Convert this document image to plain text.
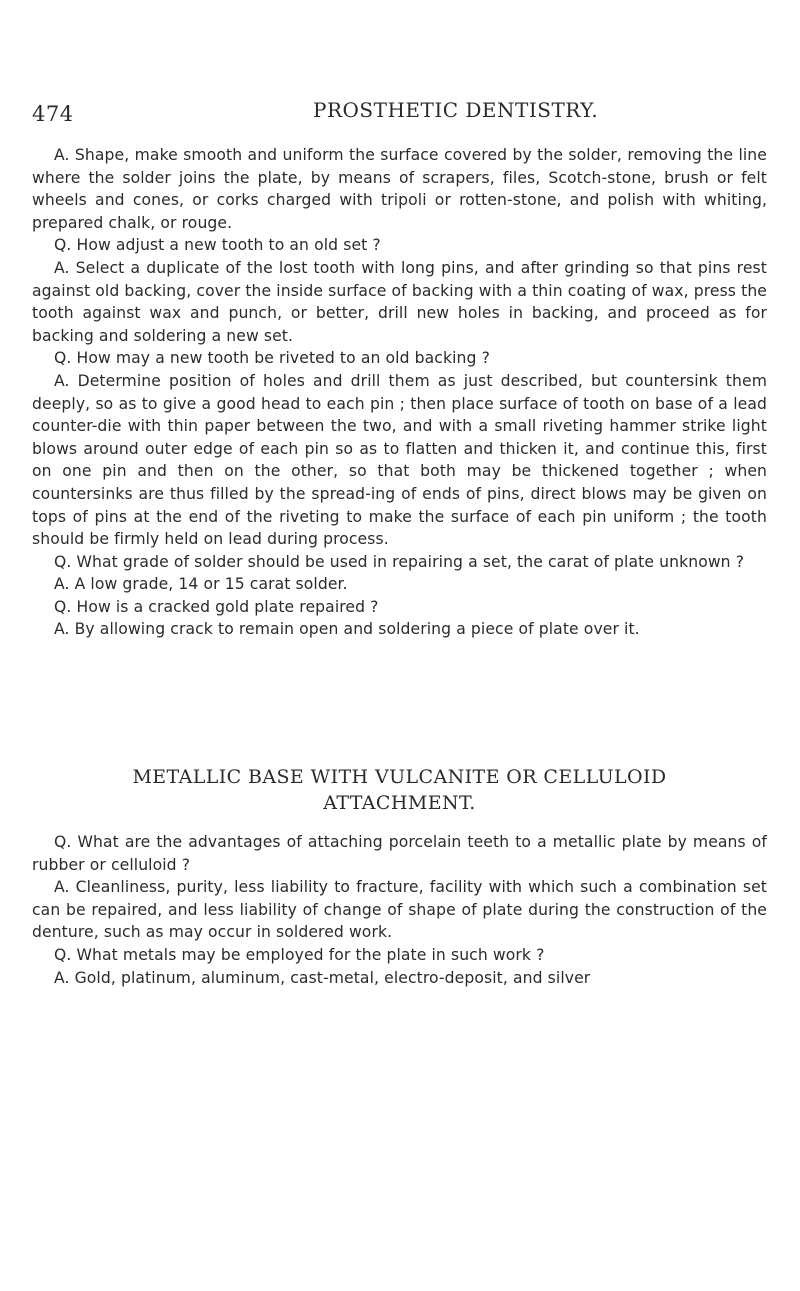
474	PROSTHETIC DENTISTRY.

A. Shape, make smooth and uniform the surface covered by the solder, removing the line where the solder joins the plate, by means of scrapers, files, Scotch-stone, brush or felt wheels and cones, or corks charged with tripoli or rotten-stone, and polish with whiting, prepared chalk, or rouge.

Q. How adjust a new tooth to an old set ?

A. Select a duplicate of the lost tooth with long pins, and after grinding so that pins rest against old backing, cover the inside surface of backing with a thin coating of wax, press the tooth against wax and punch, or better, drill new holes in backing, and proceed as for backing and soldering a new set.

Q. How may a new tooth be riveted to an old backing ?

A. Determine position of holes and drill them as just described, but countersink them deeply, so as to give a good head to each pin ; then place surface of tooth on base of a lead counter-die with thin paper between the two, and with a small riveting hammer strike light blows around outer edge of each pin so as to flatten and thicken it, and continue this, first on one pin and then on the other, so that both may be thickened together ; when countersinks are thus filled by the spread-ing of ends of pins, direct blows may be given on tops of pins at the end of the riveting to make the surface of each pin uniform ; the tooth should be firmly held on lead during process.

Q. What grade of solder should be used in repairing a set, the carat of plate unknown ?

A. A low grade, 14 or 15 carat solder.

Q. How is a cracked gold plate repaired ?

A. By allowing crack to remain open and soldering a piece of plate over it.

METALLIC BASE WITH VULCANITE OR CELLULOID
ATTACHMENT.

Q. What are the advantages of attaching porcelain teeth to a metallic plate by means of rubber or celluloid ?

A. Cleanliness, purity, less liability to fracture, facility with which such a combination set can be repaired, and less liability of change of shape of plate during the construction of the denture, such as may occur in soldered work.

Q. What metals may be employed for the plate in such work ?

A. Gold, platinum, aluminum, cast-metal, electro-deposit, and silver
